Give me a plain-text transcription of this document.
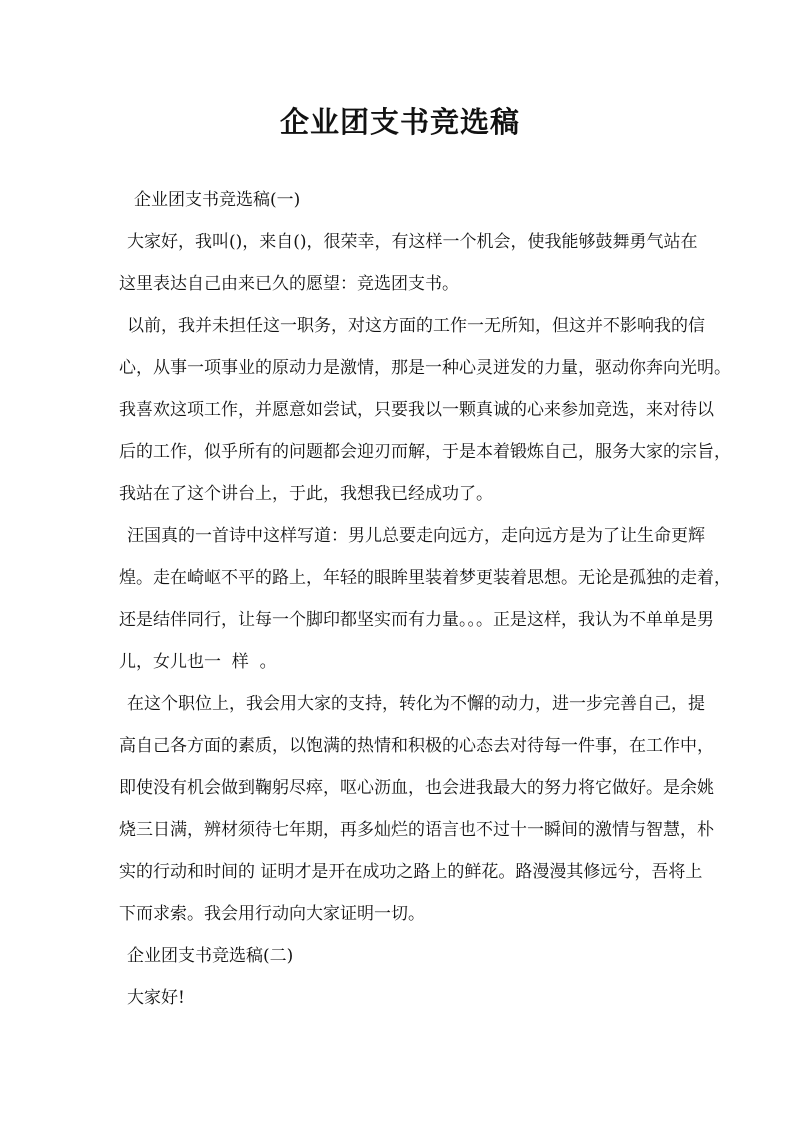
企业团支书竞选稿
企业团支书竞选稿(一)
大家好，我叫()，来自()，很荣幸，有这样一个机会，使我能够鼓舞勇气站在
这里表达自己由来已久的愿望：竞选团支书。
以前，我并未担任这一职务，对这方面的工作一无所知，但这并不影响我的信
心，从事一项事业的原动力是激情，那是一种心灵迸发的力量，驱动你奔向光明。
我喜欢这项工作，并愿意如尝试，只要我以一颗真诚的心来参加竞选，来对待以
后的工作，似乎所有的问题都会迎刃而解，于是本着锻炼自己，服务大家的宗旨，
我站在了这个讲台上，于此，我想我已经成功了。
汪国真的一首诗中这样写道：男儿总要走向远方，走向远方是为了让生命更辉
煌。走在崎岖不平的路上，年轻的眼眸里装着梦更装着思想。无论是孤独的走着，
还是结伴同行，让每一个脚印都坚实而有力量。。。正是这样，我认为不单单是男
儿，女儿也一  样  。
在这个职位上，我会用大家的支持，转化为不懈的动力，进一步完善自己，提
高自己各方面的素质，以饱满的热情和积极的心态去对待每一件事，在工作中，
即使没有机会做到鞠躬尽瘁，呕心沥血，也会进我最大的努力将它做好。是余姚
烧三日满，辨材须待七年期，再多灿烂的语言也不过十一瞬间的激情与智慧，朴
实的行动和时间的 证明才是开在成功之路上的鲜花。路漫漫其修远兮，吾将上
下而求索。我会用行动向大家证明一切。
企业团支书竞选稿(二)
大家好!
